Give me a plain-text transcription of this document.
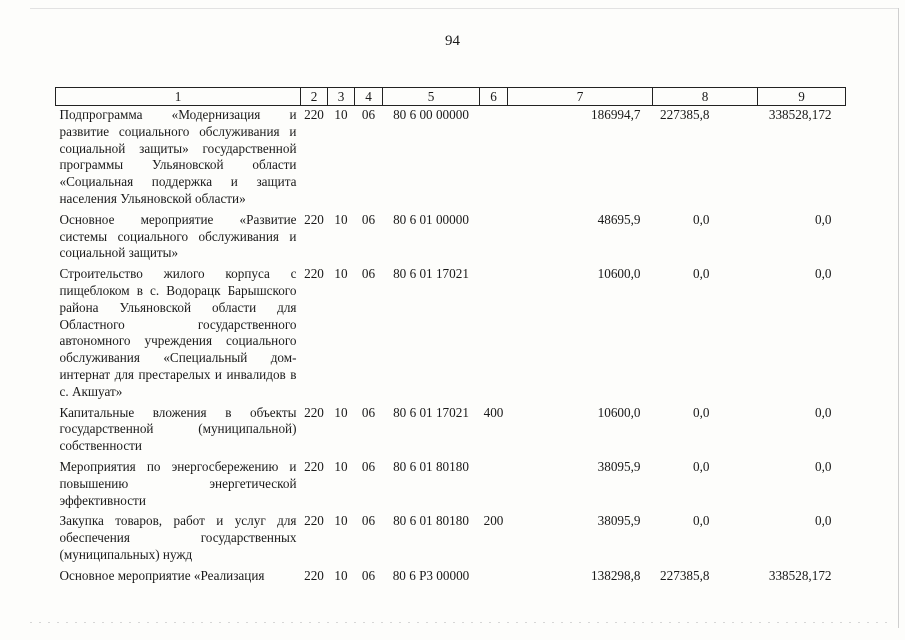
94
1	2	3	4	5	6	7	8	9
Подпрограмма «Модернизация и развитие социального обслуживания и социальной защиты» государственной программы Ульяновской области «Социальная поддержка и защита населения Ульяновской области»	220	10	06	80 6 00 00000		186994,7	227385,8	338528,172
Основное мероприятие «Развитие системы социального обслуживания и социальной защиты»	220	10	06	80 6 01 00000		48695,9	0,0	0,0
Строительство жилого корпуса с пищеблоком в с. Водорацк Барышского района Ульяновской области для Областного государственного автономного учреждения социального обслуживания «Специальный дом-интернат для престарелых и инвалидов в с. Акшуат»	220	10	06	80 6 01 17021		10600,0	0,0	0,0
Капитальные вложения в объекты государственной (муниципальной) собственности	220	10	06	80 6 01 17021	400	10600,0	0,0	0,0
Мероприятия по энергосбережению и повышению энергетической эффективности	220	10	06	80 6 01 80180		38095,9	0,0	0,0
Закупка товаров, работ и услуг для обеспечения государственных (муниципальных) нужд	220	10	06	80 6 01 80180	200	38095,9	0,0	0,0
Основное мероприятие «Реализация	220	10	06	80 6 Р3 00000		138298,8	227385,8	338528,172
